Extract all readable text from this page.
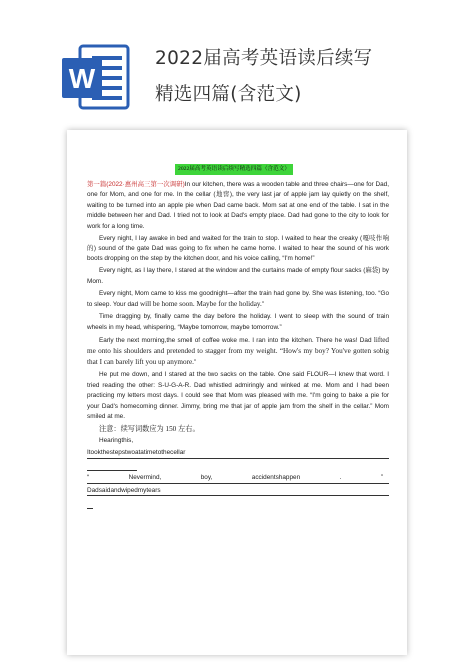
W
2022届高考英语读后续写
精选四篇(含范文)
2022届高考英语读后续写精选四篇（含范文）

第一篇(2022·惠州高三第一次调研)In our kitchen, there was a wooden table and three chairs—one for Dad, one for Mom, and one for me. In the cellar (地窖), the very last jar of apple jam lay quietly on the shelf, waiting to be turned into an apple pie when Dad came back. Mom sat at one end of the table. I sat in the middle between her and Dad. I tried not to look at Dad's empty place. Dad had gone to the city to look for work for a long time.

Every night, I lay awake in bed and waited for the train to stop. I waited to hear the creaky (嘎吱作响的) sound of the gate Dad was going to fix when he came home. I waited to hear the sound of his work boots dropping on the step by the kitchen door, and his voice calling, “I'm home!”

Every night, as I lay there, I stared at the window and the curtains made of empty flour sacks (麻袋) by Mom.

Every night, Mom came to kiss me goodnight—after the train had gone by. She was listening, too. “Go to sleep. Your dad will be home soon. Maybe for the holiday.”

Time dragging by, finally came the day before the holiday. I went to sleep with the sound of train wheels in my head, whispering, “Maybe tomorrow, maybe tomorrow.”

Early the next morning,the smell of coffee woke me. I ran into the kitchen. There he was! Dad lifted me onto his shoulders and pretended to stagger from my weight. “How's my boy? You've gotten sobig that I can barely lift you up anymore.”

He put me down, and I stared at the two sacks on the table. One said FLOUR—I knew that word. I tried reading the other: S-U-G-A-R. Dad whistled admiringly and winked at me. Mom and I had been practicing my letters most days. I could see that Mom was pleased with me. “I'm going to bake a pie for your Dad's homecoming dinner. Jimmy, bring me that jar of apple jam from the shelf in the cellar.” Mom smiled at me.

注意：续写词数应为 150 左右。

Hearingthis,

Itookthestepstwoatatimetothecellar
“	Nevermind,	boy,	accidentshappen	.	”
Dadsaidandwipedmytears
